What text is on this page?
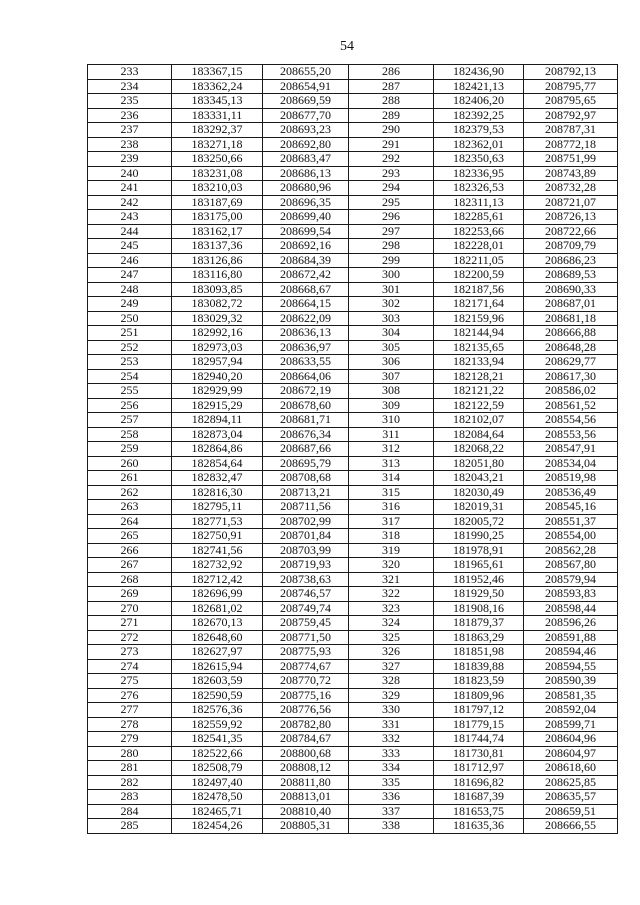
54
233	183367,15	208655,20	286	182436,90	208792,13
234	183362,24	208654,91	287	182421,13	208795,77
235	183345,13	208669,59	288	182406,20	208795,65
236	183331,11	208677,70	289	182392,25	208792,97
237	183292,37	208693,23	290	182379,53	208787,31
238	183271,18	208692,80	291	182362,01	208772,18
239	183250,66	208683,47	292	182350,63	208751,99
240	183231,08	208686,13	293	182336,95	208743,89
241	183210,03	208680,96	294	182326,53	208732,28
242	183187,69	208696,35	295	182311,13	208721,07
243	183175,00	208699,40	296	182285,61	208726,13
244	183162,17	208699,54	297	182253,66	208722,66
245	183137,36	208692,16	298	182228,01	208709,79
246	183126,86	208684,39	299	182211,05	208686,23
247	183116,80	208672,42	300	182200,59	208689,53
248	183093,85	208668,67	301	182187,56	208690,33
249	183082,72	208664,15	302	182171,64	208687,01
250	183029,32	208622,09	303	182159,96	208681,18
251	182992,16	208636,13	304	182144,94	208666,88
252	182973,03	208636,97	305	182135,65	208648,28
253	182957,94	208633,55	306	182133,94	208629,77
254	182940,20	208664,06	307	182128,21	208617,30
255	182929,99	208672,19	308	182121,22	208586,02
256	182915,29	208678,60	309	182122,59	208561,52
257	182894,11	208681,71	310	182102,07	208554,56
258	182873,04	208676,34	311	182084,64	208553,56
259	182864,86	208687,66	312	182068,22	208547,91
260	182854,64	208695,79	313	182051,80	208534,04
261	182832,47	208708,68	314	182043,21	208519,98
262	182816,30	208713,21	315	182030,49	208536,49
263	182795,11	208711,56	316	182019,31	208545,16
264	182771,53	208702,99	317	182005,72	208551,37
265	182750,91	208701,84	318	181990,25	208554,00
266	182741,56	208703,99	319	181978,91	208562,28
267	182732,92	208719,93	320	181965,61	208567,80
268	182712,42	208738,63	321	181952,46	208579,94
269	182696,99	208746,57	322	181929,50	208593,83
270	182681,02	208749,74	323	181908,16	208598,44
271	182670,13	208759,45	324	181879,37	208596,26
272	182648,60	208771,50	325	181863,29	208591,88
273	182627,97	208775,93	326	181851,98	208594,46
274	182615,94	208774,67	327	181839,88	208594,55
275	182603,59	208770,72	328	181823,59	208590,39
276	182590,59	208775,16	329	181809,96	208581,35
277	182576,36	208776,56	330	181797,12	208592,04
278	182559,92	208782,80	331	181779,15	208599,71
279	182541,35	208784,67	332	181744,74	208604,96
280	182522,66	208800,68	333	181730,81	208604,97
281	182508,79	208808,12	334	181712,97	208618,60
282	182497,40	208811,80	335	181696,82	208625,85
283	182478,50	208813,01	336	181687,39	208635,57
284	182465,71	208810,40	337	181653,75	208659,51
285	182454,26	208805,31	338	181635,36	208666,55
